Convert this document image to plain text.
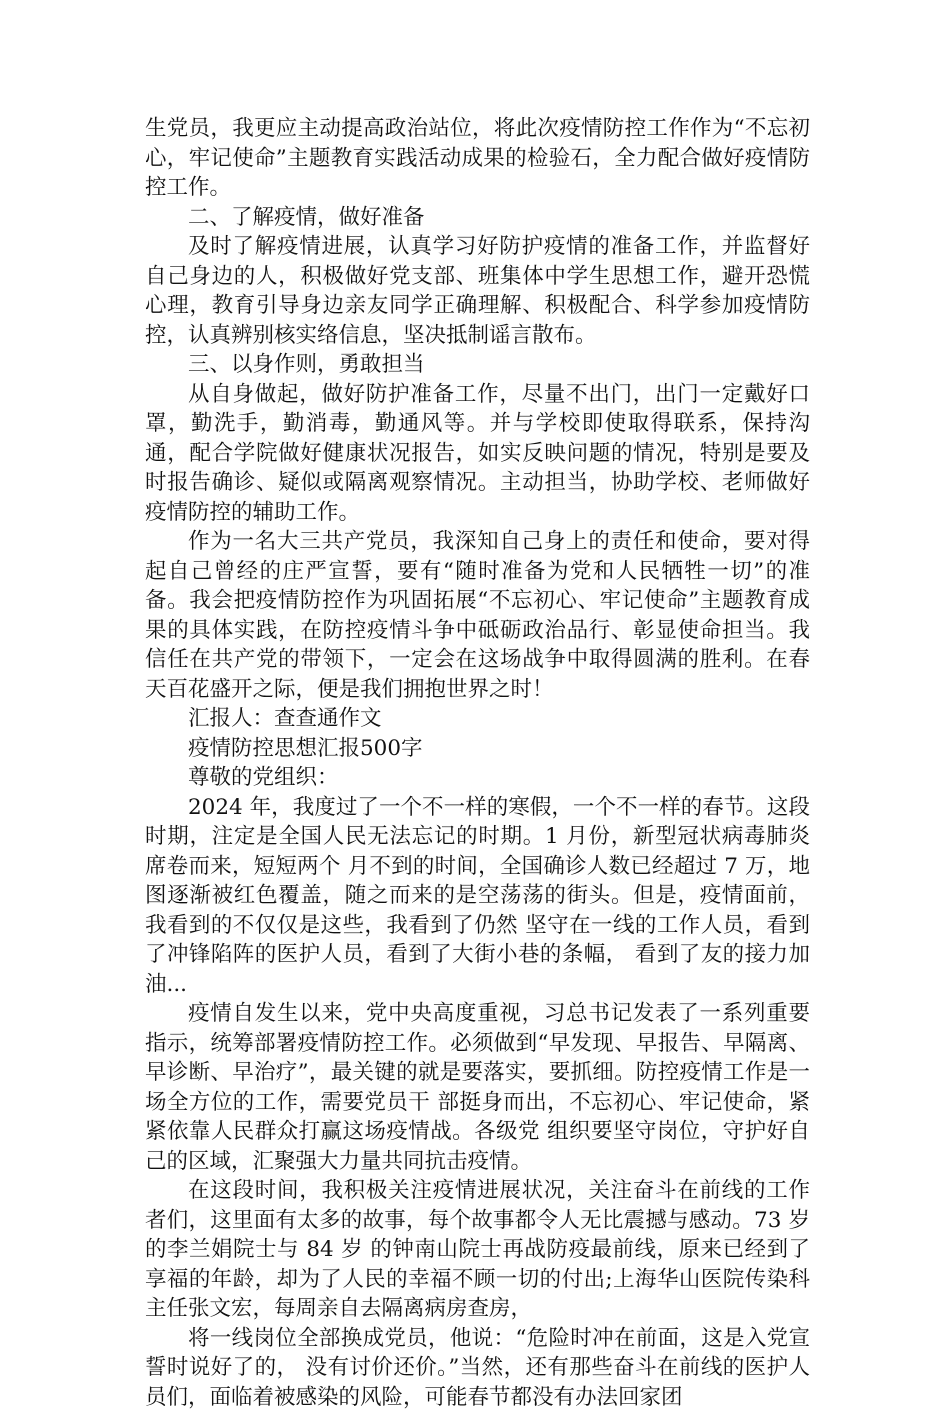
生党员，我更应主动提高政治站位，将此次疫情防控工作作为“不忘初心，牢记使命”主题教育实践活动成果的检验石，全力配合做好疫情防控工作。

二、了解疫情，做好准备

及时了解疫情进展，认真学习好防护疫情的准备工作，并监督好自己身边的人，积极做好党支部、班集体中学生思想工作，避开恐慌心理，教育引导身边亲友同学正确理解、积极配合、科学参加疫情防控，认真辨别核实络信息，坚决抵制谣言散布。

三、以身作则，勇敢担当

从自身做起，做好防护准备工作，尽量不出门，出门一定戴好口罩，勤洗手，勤消毒，勤通风等。并与学校即使取得联系，保持沟通，配合学院做好健康状况报告，如实反映问题的情况，特别是要及时报告确诊、疑似或隔离观察情况。主动担当，协助学校、老师做好疫情防控的辅助工作。

作为一名大三共产党员，我深知自己身上的责任和使命，要对得起自己曾经的庄严宣誓，要有“随时准备为党和人民牺牲一切”的准备。我会把疫情防控作为巩固拓展“不忘初心、牢记使命”主题教育成果的具体实践，在防控疫情斗争中砥砺政治品行、彰显使命担当。我信任在共产党的带领下，一定会在这场战争中取得圆满的胜利。在春天百花盛开之际，便是我们拥抱世界之时！

汇报人：查查通作文

疫情防控思想汇报500字

尊敬的党组织：

2024 年，我度过了一个不一样的寒假，一个不一样的春节。这段时期，注定是全国人民无法忘记的时期。1 月份，新型冠状病毒肺炎席卷而来，短短两个 月不到的时间，全国确诊人数已经超过 7 万，地图逐渐被红色覆盖，随之而来的是空荡荡的街头。但是，疫情面前，我看到的不仅仅是这些，我看到了仍然 坚守在一线的工作人员，看到了冲锋陷阵的医护人员，看到了大街小巷的条幅， 看到了友的接力加油...

疫情自发生以来，党中央高度重视，习总书记发表了一系列重要指示，统筹部署疫情防控工作。必须做到“早发现、早报告、早隔离、早诊断、早治疗”，最关键的就是要落实，要抓细。防控疫情工作是一场全方位的工作，需要党员干 部挺身而出，不忘初心、牢记使命，紧紧依靠人民群众打赢这场疫情战。各级党 组织要坚守岗位，守护好自己的区域，汇聚强大力量共同抗击疫情。

在这段时间，我积极关注疫情进展状况，关注奋斗在前线的工作者们，这里面有太多的故事，每个故事都令人无比震撼与感动。73 岁的李兰娟院士与 84 岁 的钟南山院士再战防疫最前线，原来已经到了享福的年龄，却为了人民的幸福不顾一切的付出;上海华山医院传染科主任张文宏，每周亲自去隔离病房查房，

将一线岗位全部换成党员，他说：“危险时冲在前面，这是入党宣誓时说好了的， 没有讨价还价。”当然，还有那些奋斗在前线的医护人员们，面临着被感染的风险，可能春节都没有办法回家团
